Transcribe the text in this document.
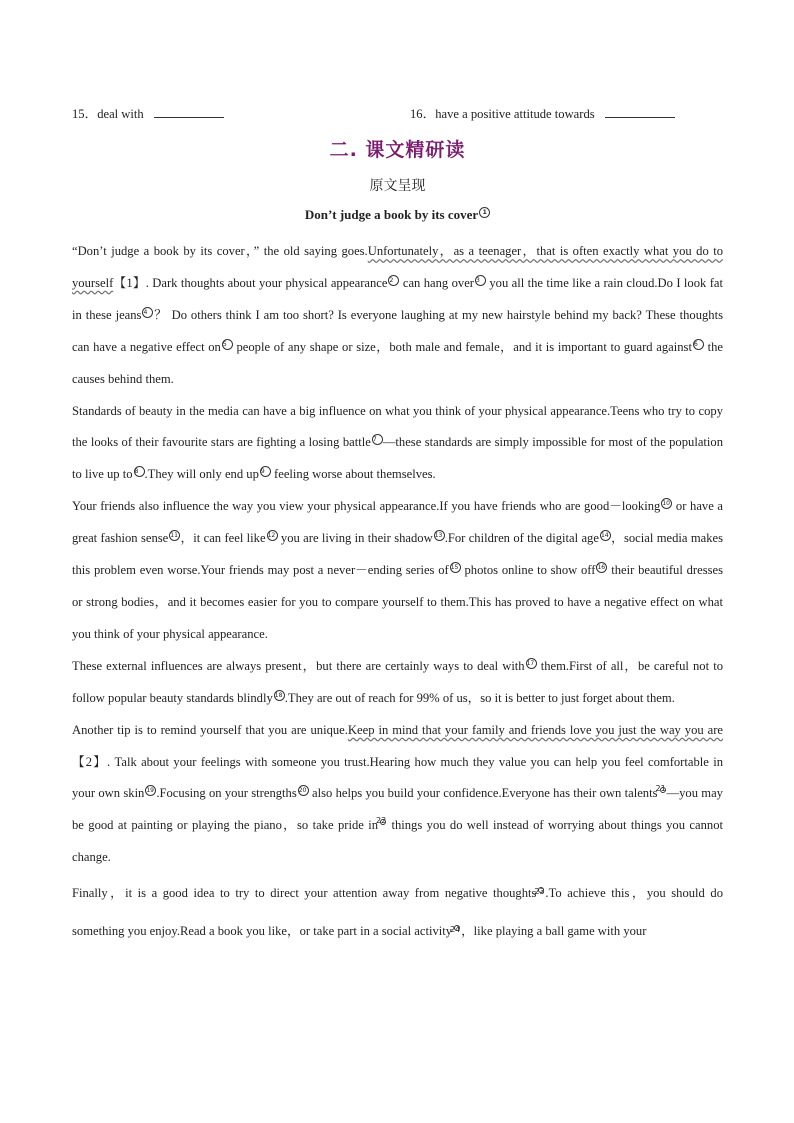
15．deal with	16．have a positive attitude towards
二. 课文精研读
原文呈现
Don’t judge a book by its cover 1

“Don’t judge a book by its cover，” the old saying goes.Unfortunately，as a teenager，that is often exactly what you do to yourself【1】. Dark thoughts about your physical appearance 2 can hang over 3 you all the time like a rain cloud.Do I look fat in these jeans 4 ？ Do others think I am too short? Is everyone laughing at my new hairstyle behind my back? These thoughts can have a negative effect on 5 people of any shape or size，both male and female，and it is important to guard against 6 the causes behind them.

Standards of beauty in the media can have a big influence on what you think of your physical appearance.Teens who try to copy the looks of their favourite stars are fighting a losing battle 7 —these standards are simply impossible for most of the population to live up to 8 .They will only end up 9 feeling worse about themselves.

Your friends also influence the way you view your physical appearance.If you have friends who are good－looking 10 or have a great fashion sense 11 ，it can feel like 12 you are living in their shadow 13 .For children of the digital age 14 ，social media makes this problem even worse.Your friends may post a never－ending series of 15 photos online to show off 16 their beautiful dresses or strong bodies，and it becomes easier for you to compare yourself to them.This has proved to have a negative effect on what you think of your physical appearance.

These external influences are always present，but there are certainly ways to deal with 17 them.First of all，be careful not to follow popular beauty standards blindly 18 .They are out of reach for 99% of us，so it is better to just forget about them.

Another tip is to remind yourself that you are unique.Keep in mind that your family and friends love you just the way you are【2】. Talk about your feelings with someone you trust.Hearing how much they value you can help you feel comfortable in your own skin 19 .Focusing on your strengths 20 also helps you build your confidence.Everyone has their own talents
21 —you may be good at painting or playing the piano，so take pride in
22 things you do well instead of worrying about things you cannot change.

Finally，it is a good idea to try to direct your attention away from negative thoughts
23 .To achieve this，you should do something you enjoy.Read a book you like，or take part in a social activity
24 ，like playing a ball game with your
